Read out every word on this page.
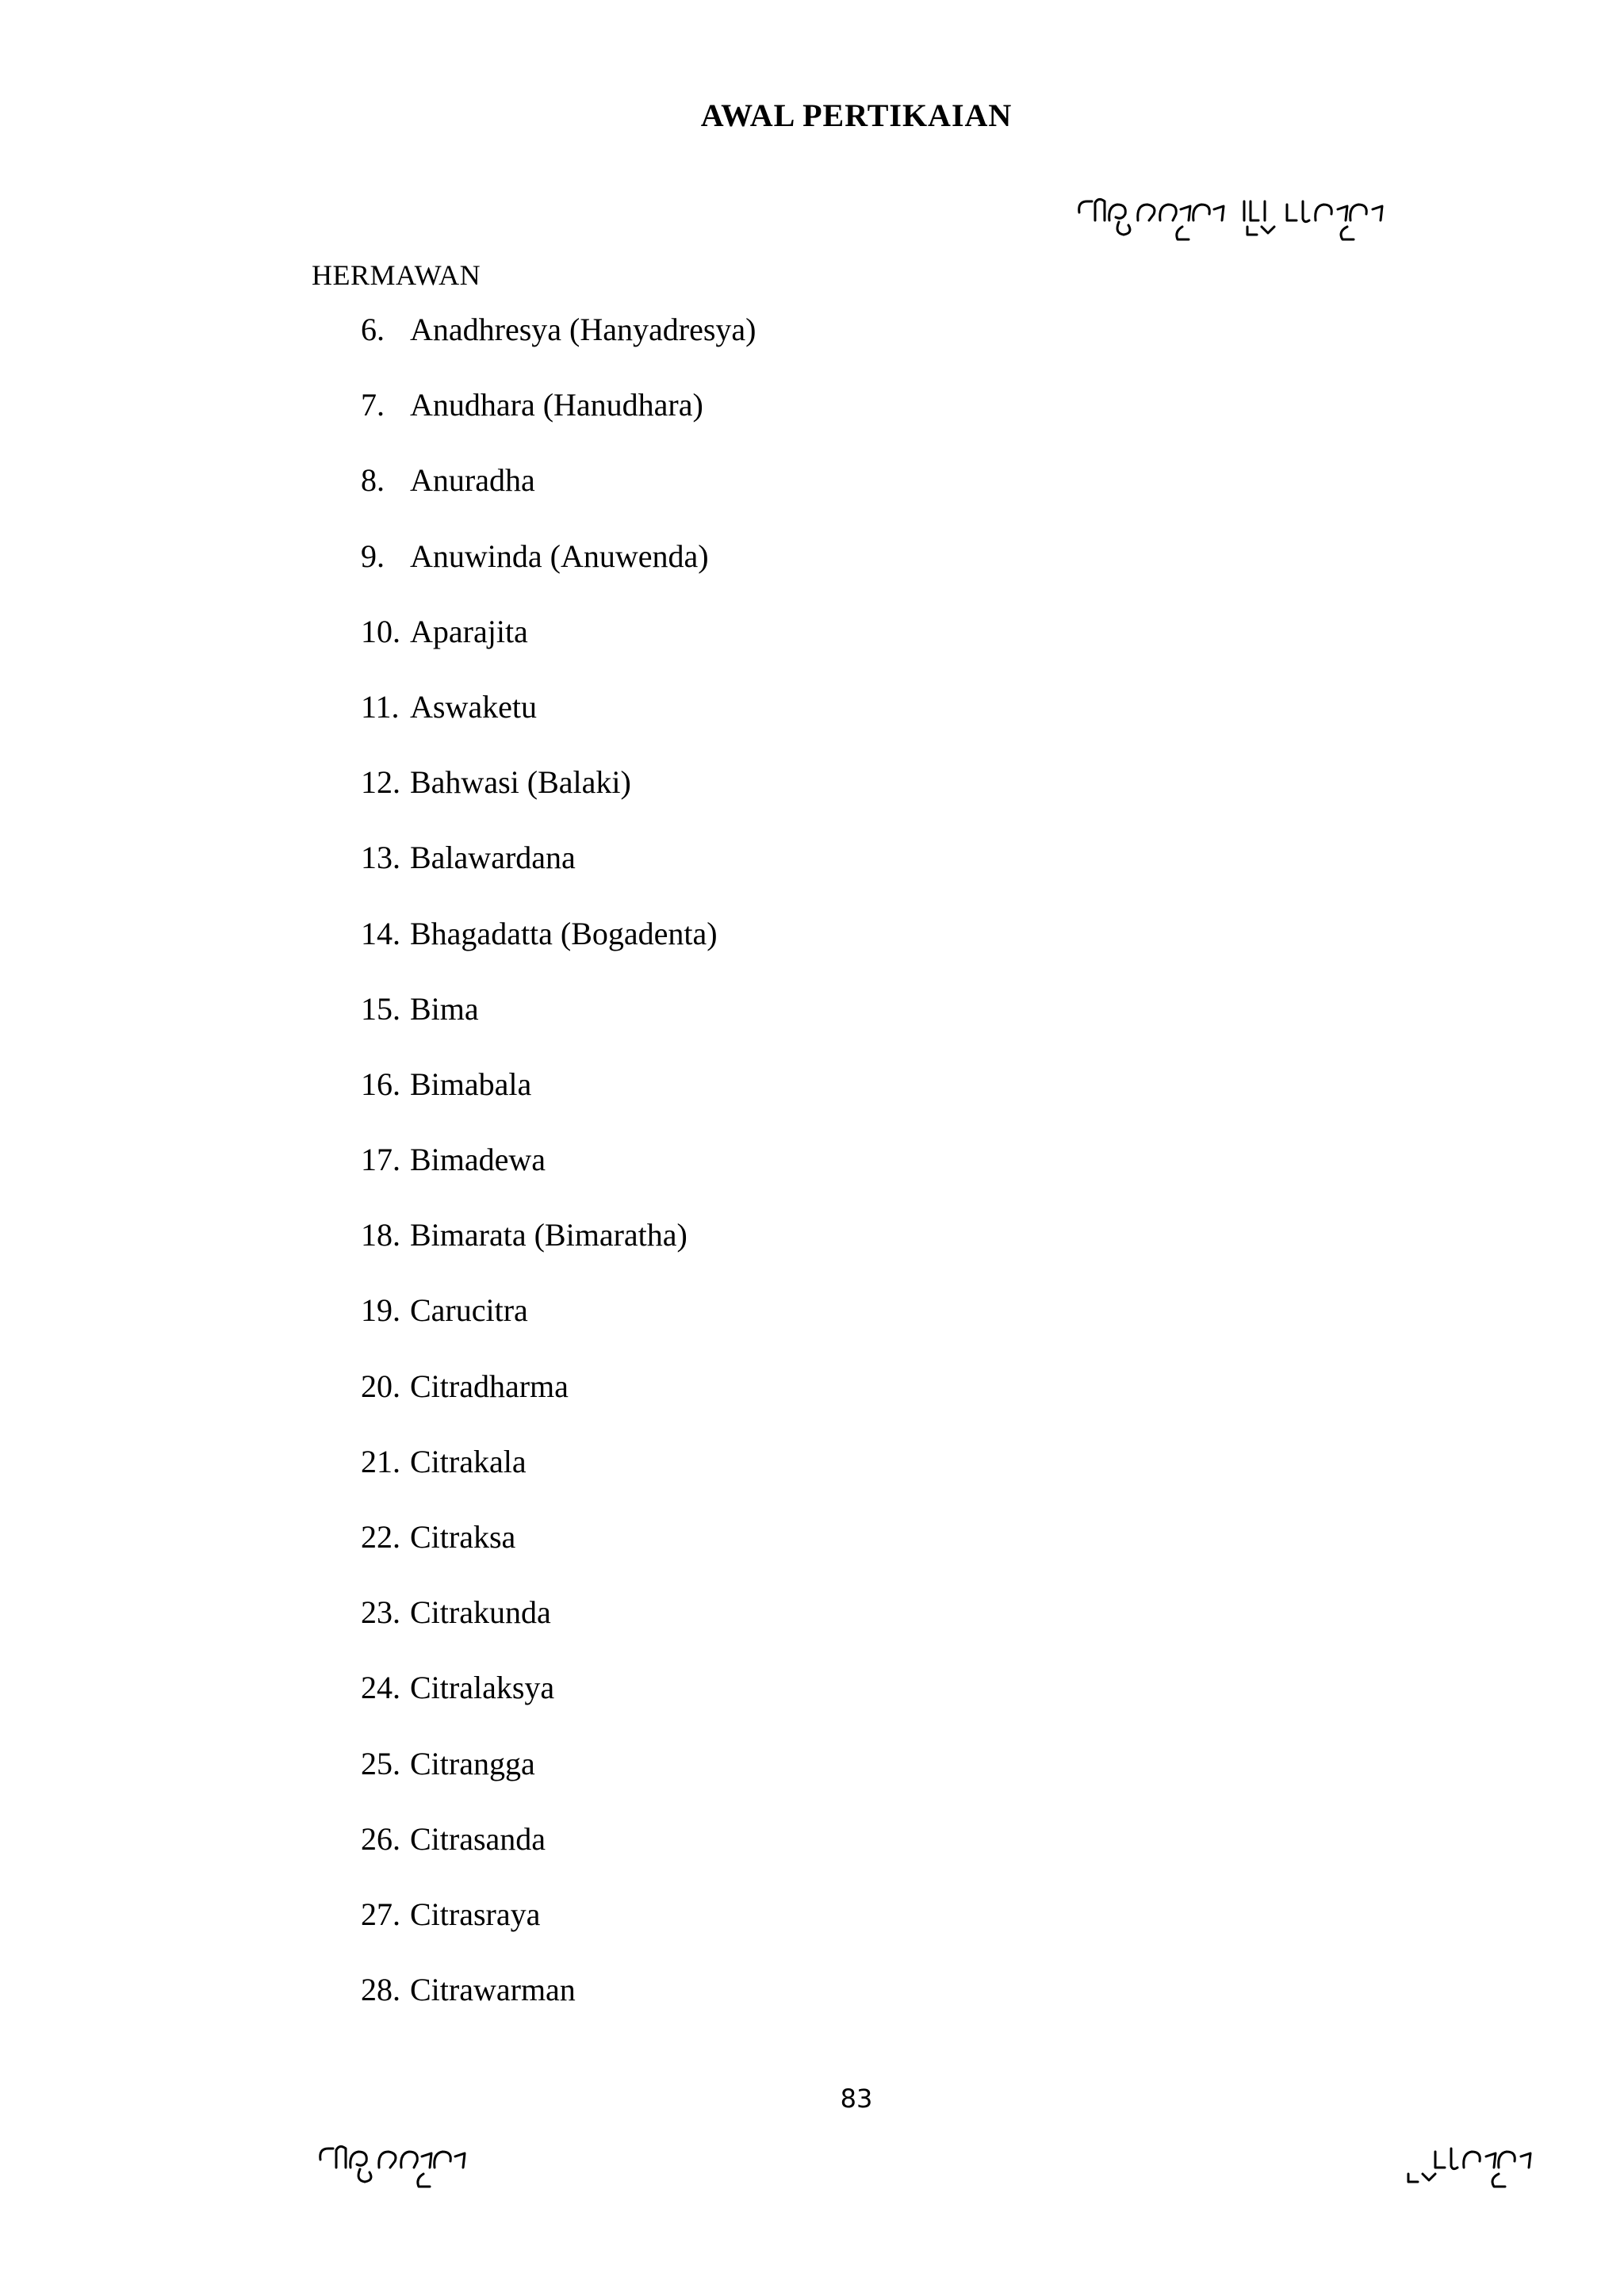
AWAL PERTIKAIAN
HERMAWAN
6. Anadhresya (Hanyadresya)
7. Anudhara (Hanudhara)
8. Anuradha
9. Anuwinda (Anuwenda)
10. Aparajita
11. Aswaketu
12. Bahwasi (Balaki)
13. Balawardana
14. Bhagadatta (Bogadenta)
15. Bima
16. Bimabala
17. Bimadewa
18. Bimarata (Bimaratha)
19. Carucitra
20. Citradharma
21. Citrakala
22. Citraksa
23. Citrakunda
24. Citralaksya
25. Citrangga
26. Citrasanda
27. Citrasraya
28. Citrawarman
83
